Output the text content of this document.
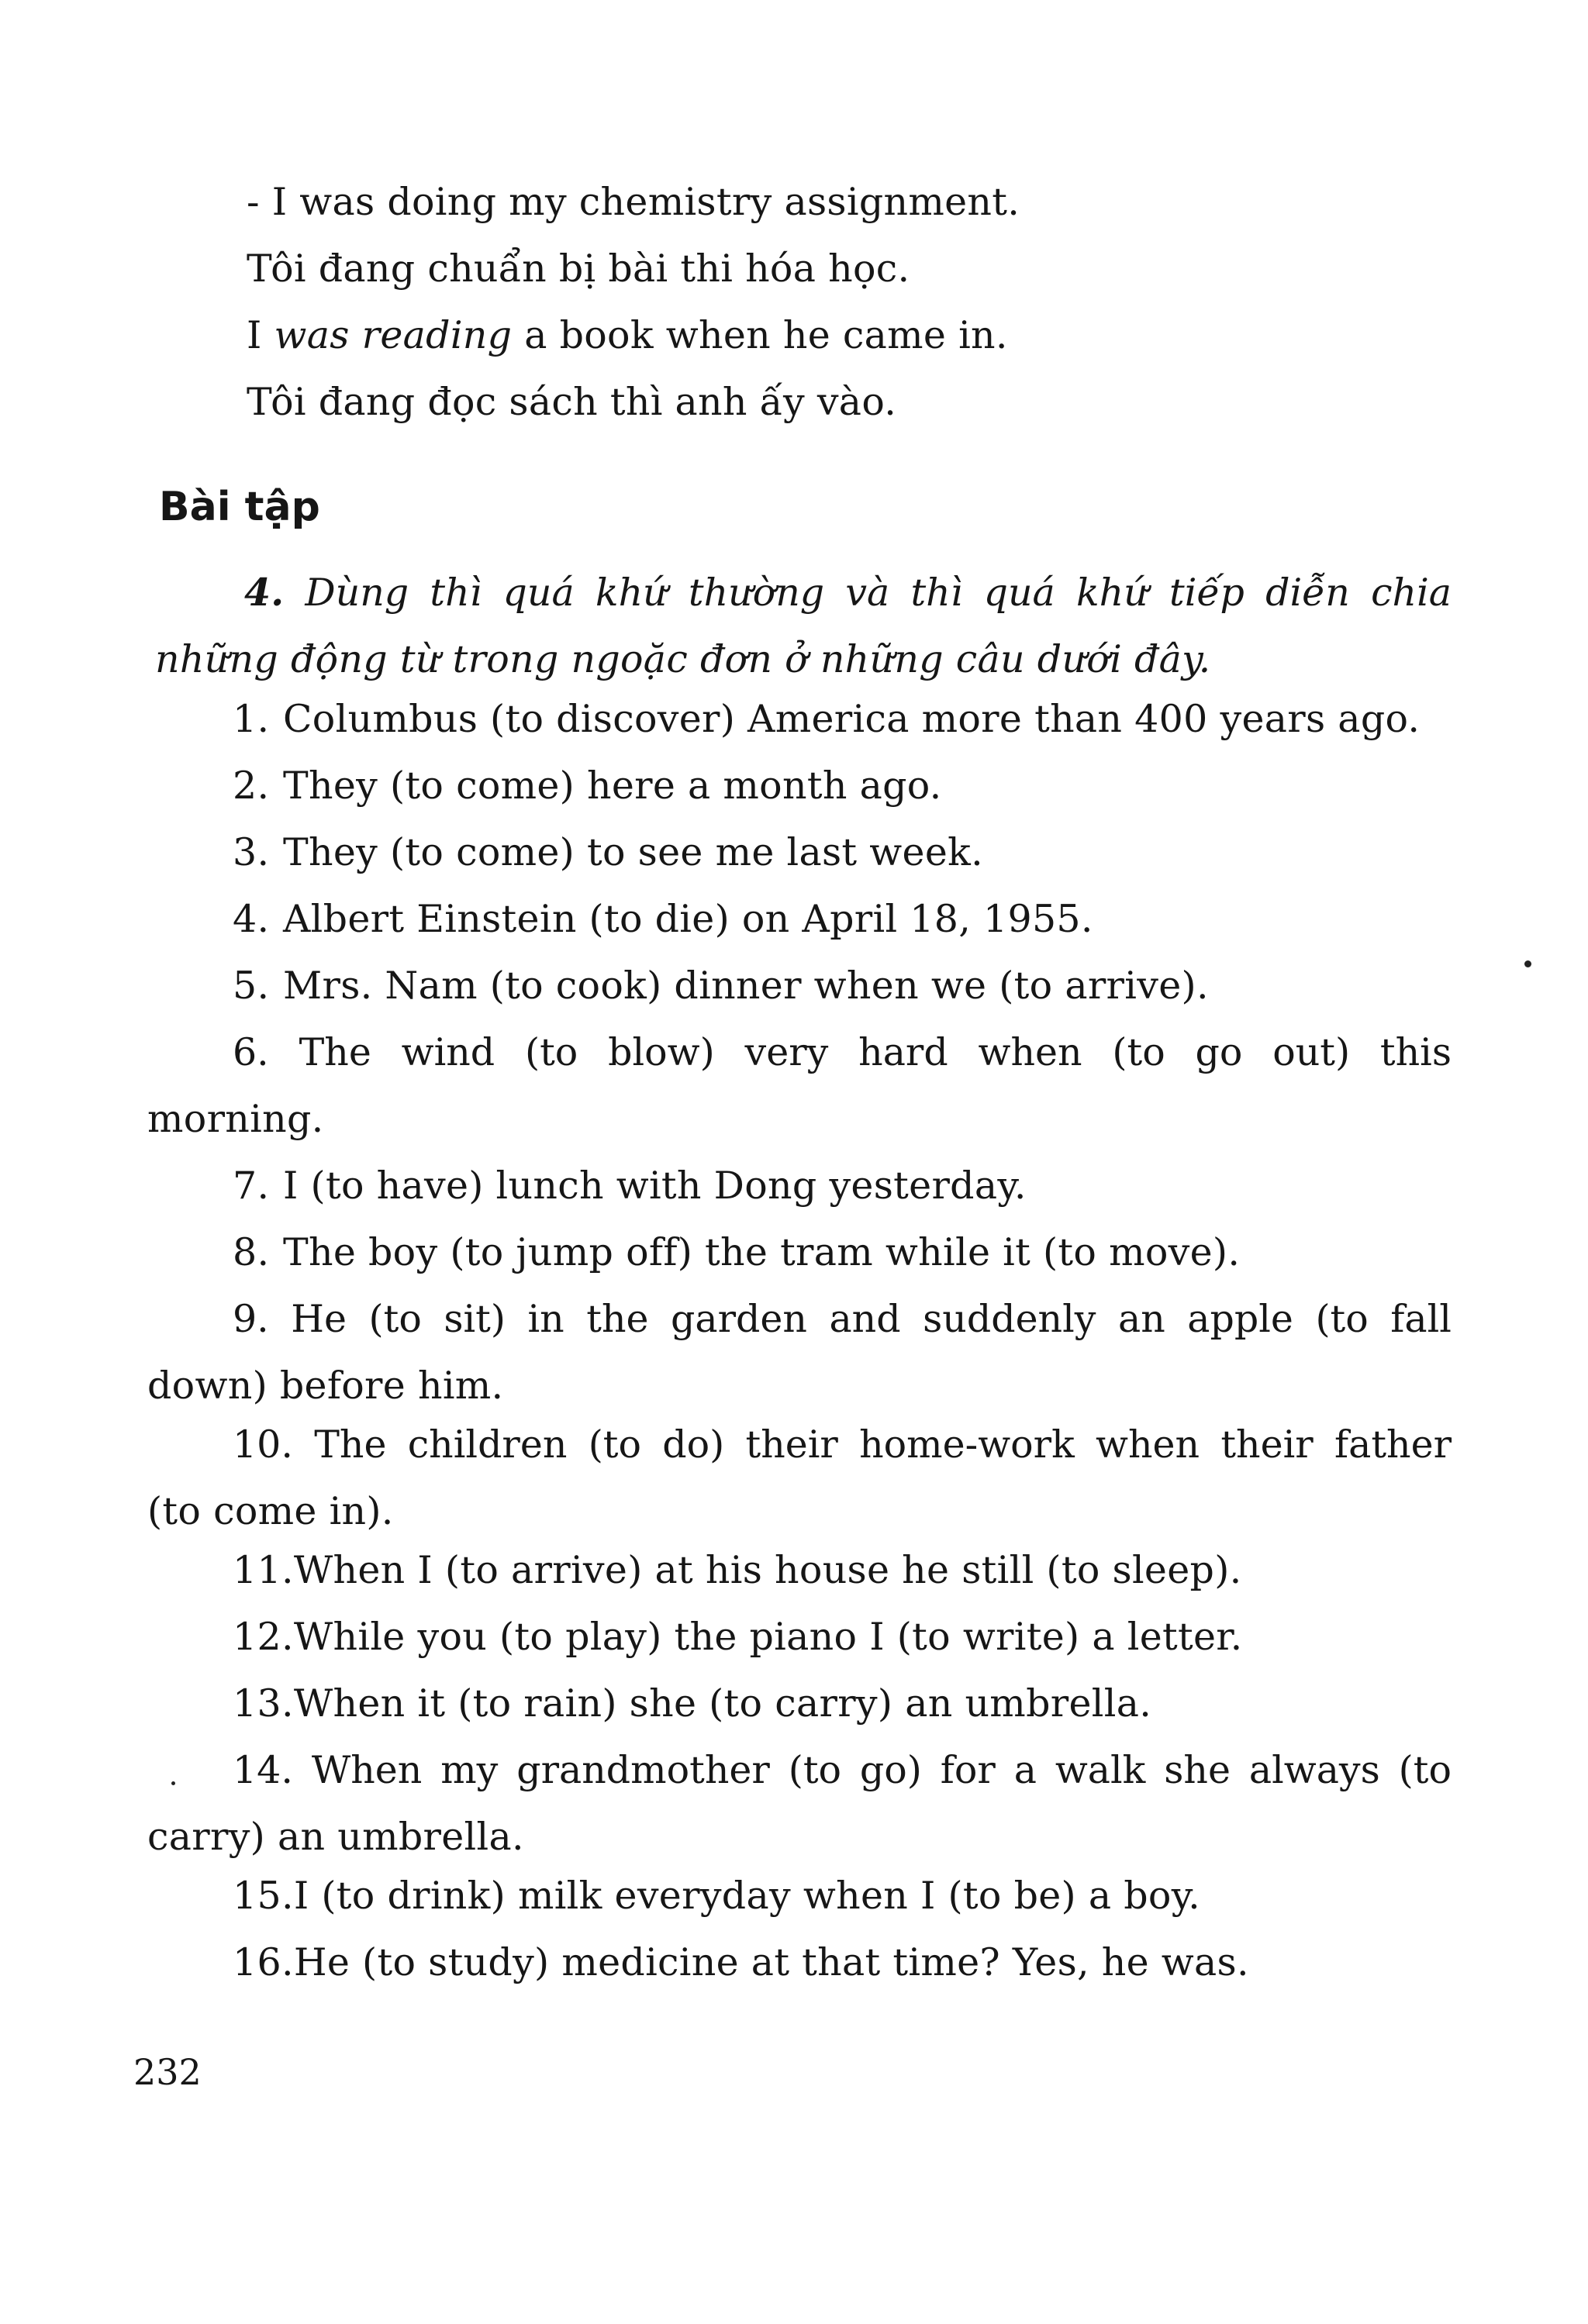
- I was doing my chemistry assignment.
Tôi đang chuẩn bị bài thi hóa học.
I was reading a book when he came in.
Tôi đang đọc sách thì anh ấy vào.
Bài tập
4. Dùng thì quá khứ thường và thì quá khứ tiếp diễn chia
những động từ trong ngoặc đơn ở những câu dưới đây.
1. Columbus (to discover) America more than 400 years ago.
2. They (to come) here a month ago.
3. They (to come) to see me last week.
4. Albert Einstein (to die) on April 18, 1955.
5. Mrs. Nam (to cook) dinner when we (to arrive).
6. The wind (to blow) very hard when (to go out) this
morning.
7. I (to have) lunch with Dong yesterday.
8. The boy (to jump off) the tram while it (to move).
9. He (to sit) in the garden and suddenly an apple (to fall
down) before him.
10. The children (to do) their home-work when their father
(to come in).
11.When I (to arrive) at his house he still (to sleep).
12.While you (to play) the piano I (to write) a letter.
13.When it (to rain) she (to carry) an umbrella.
14. When my grandmother (to go) for a walk she always (to
carry) an umbrella.
15.I (to drink) milk everyday when I (to be) a boy.
16.He (to study) medicine at that time? Yes, he was.
232
